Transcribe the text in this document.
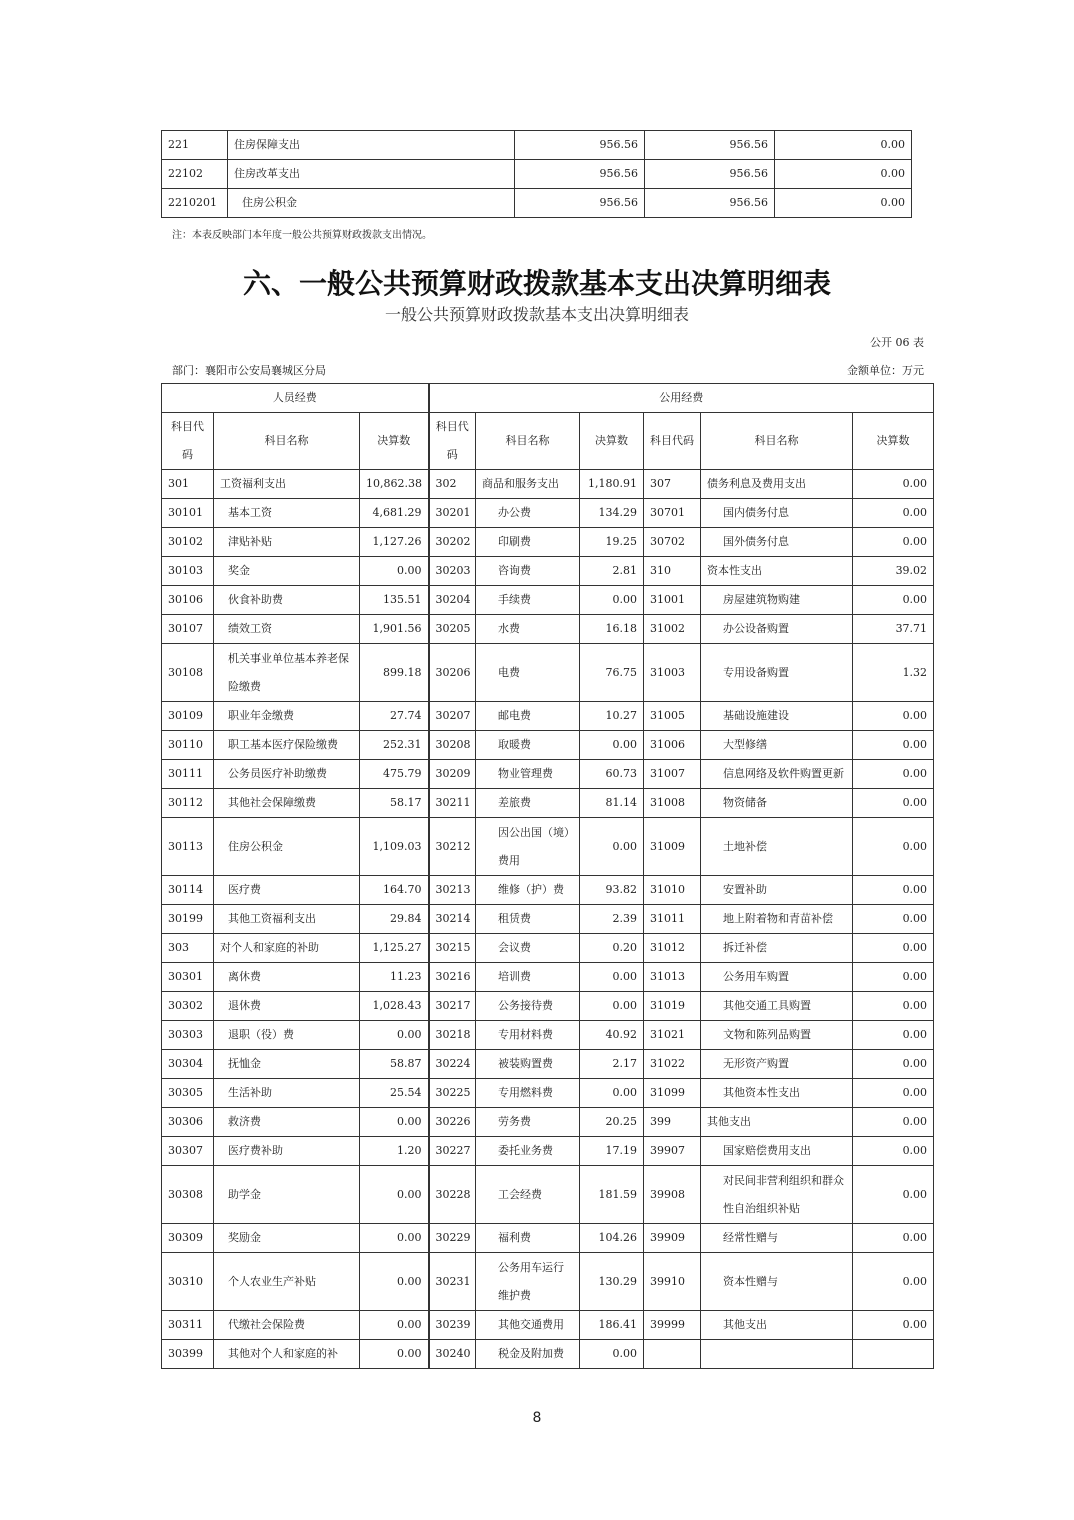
221	住房保障支出	956.56	956.56	0.00
22102	住房改革支出	956.56	956.56	0.00
2210201	住房公积金	956.56	956.56	0.00
注：本表反映部门本年度一般公共预算财政拨款支出情况。
六、一般公共预算财政拨款基本支出决算明细表
一般公共预算财政拨款基本支出决算明细表
公开 06 表
部门：襄阳市公安局襄城区分局	金额单位：万元
人员经费			公用经费					
科目代码	科目名称	决算数	科目代码	科目名称	决算数	科目代码	科目名称	决算数
301	工资福利支出	10,862.38	302	商品和服务支出	1,180.91	307	债务利息及费用支出	0.00
30101	基本工资	4,681.29	30201	办公费	134.29	30701	国内债务付息	0.00
30102	津贴补贴	1,127.26	30202	印刷费	19.25	30702	国外债务付息	0.00
30103	奖金	0.00	30203	咨询费	2.81	310	资本性支出	39.02
30106	伙食补助费	135.51	30204	手续费	0.00	31001	房屋建筑物购建	0.00
30107	绩效工资	1,901.56	30205	水费	16.18	31002	办公设备购置	37.71
30108	机关事业单位基本养老保险缴费	899.18	30206	电费	76.75	31003	专用设备购置	1.32
30109	职业年金缴费	27.74	30207	邮电费	10.27	31005	基础设施建设	0.00
30110	职工基本医疗保险缴费	252.31	30208	取暖费	0.00	31006	大型修缮	0.00
30111	公务员医疗补助缴费	475.79	30209	物业管理费	60.73	31007	信息网络及软件购置更新	0.00
30112	其他社会保障缴费	58.17	30211	差旅费	81.14	31008	物资储备	0.00
30113	住房公积金	1,109.03	30212	因公出国（境）费用	0.00	31009	土地补偿	0.00
30114	医疗费	164.70	30213	维修（护）费	93.82	31010	安置补助	0.00
30199	其他工资福利支出	29.84	30214	租赁费	2.39	31011	地上附着物和青苗补偿	0.00
303	对个人和家庭的补助	1,125.27	30215	会议费	0.20	31012	拆迁补偿	0.00
30301	离休费	11.23	30216	培训费	0.00	31013	公务用车购置	0.00
30302	退休费	1,028.43	30217	公务接待费	0.00	31019	其他交通工具购置	0.00
30303	退职（役）费	0.00	30218	专用材料费	40.92	31021	文物和陈列品购置	0.00
30304	抚恤金	58.87	30224	被装购置费	2.17	31022	无形资产购置	0.00
30305	生活补助	25.54	30225	专用燃料费	0.00	31099	其他资本性支出	0.00
30306	救济费	0.00	30226	劳务费	20.25	399	其他支出	0.00
30307	医疗费补助	1.20	30227	委托业务费	17.19	39907	国家赔偿费用支出	0.00
30308	助学金	0.00	30228	工会经费	181.59	39908	对民间非营利组织和群众性自治组织补贴	0.00
30309	奖励金	0.00	30229	福利费	104.26	39909	经常性赠与	0.00
30310	个人农业生产补贴	0.00	30231	公务用车运行维护费	130.29	39910	资本性赠与	0.00
30311	代缴社会保险费	0.00	30239	其他交通费用	186.41	39999	其他支出	0.00
30399	其他对个人和家庭的补	0.00	30240	税金及附加费	0.00			
8
